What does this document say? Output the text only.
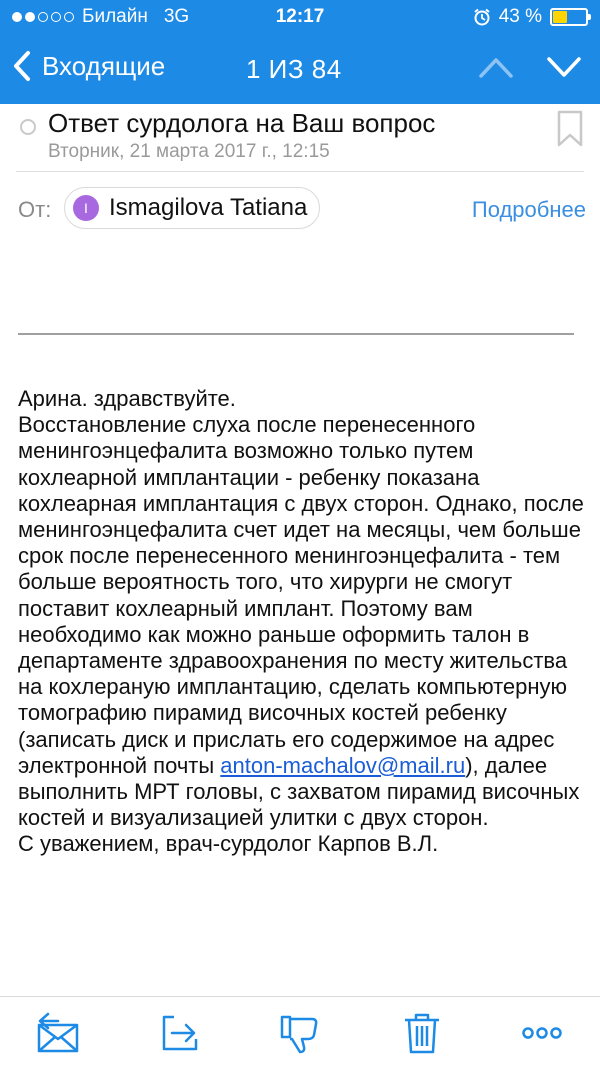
Билайн 3G	12:17	43 %
Входящие	1 ИЗ 84
Ответ сурдолога на Ваш вопрос
Вторник, 21 марта 2017 г., 12:15
От:	I Ismagilova Tatiana	Подробнее

Арина. здравствуйте.

Восстановление слуха после перенесенного менингоэнцефалита возможно только путем кохлеарной имплантации - ребенку показана кохлеарная имплантация с двух сторон. Однако, после менингоэнцефалита счет идет на месяцы, чем больше срок после перенесенного менингоэнцефалита - тем больше вероятность того, что хирурги не смогут поставит кохлеарный имплант. Поэтому вам необходимо как можно раньше оформить талон в департаменте здравоохранения по месту жительства на кохлераную имплантацию, сделать компьютерную томографию пирамид височных костей ребенку (записать диск и прислать его содержимое на адрес электронной почты anton-machalov@mail.ru), далее выполнить МРТ головы, с захватом пирамид височных костей и визуализацией улитки с двух сторон.

С уважением, врач-сурдолог Карпов В.Л.
